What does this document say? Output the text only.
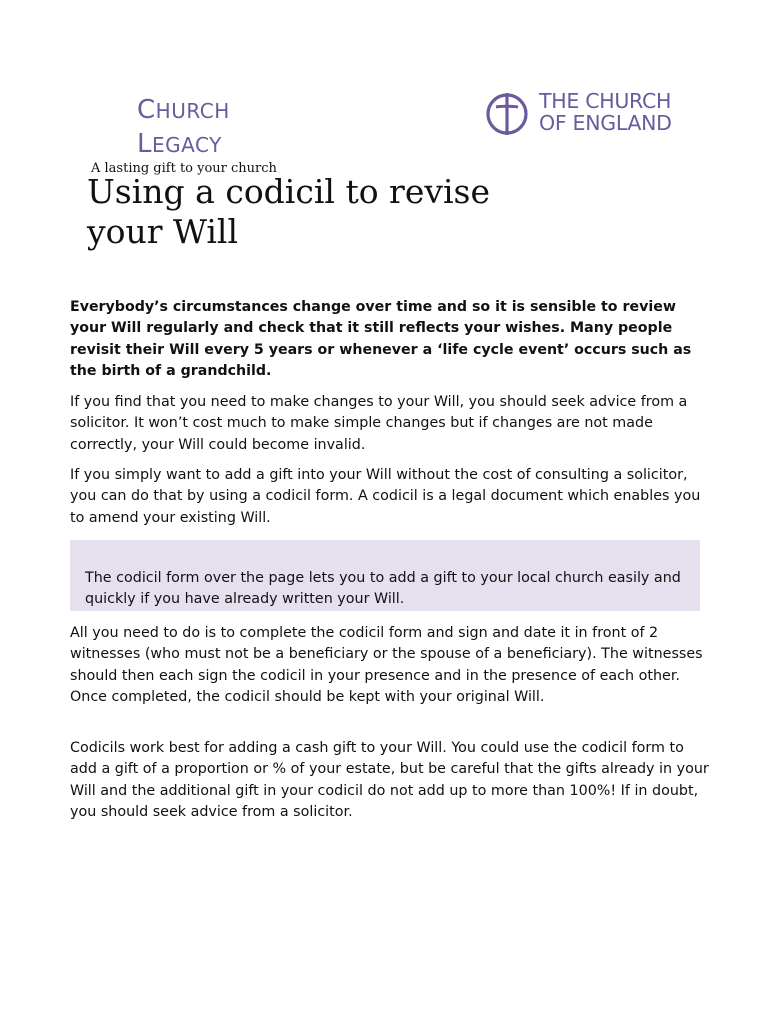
CHURCH
LEGACY
A lasting gift to your church
THE CHURCH
OF ENGLAND
Using a codicil to revise
your Will

Everybody’s circumstances change over time and so it is sensible to review your Will regularly and check that it still reflects your wishes. Many people revisit their Will every 5 years or whenever a ‘life cycle event’ occurs such as the birth of a grandchild.

If you find that you need to make changes to your Will, you should seek advice from a solicitor. It won’t cost much to make simple changes but if changes are not made correctly, your Will could become invalid.

If you simply want to add a gift into your Will without the cost of consulting a solicitor, you can do that by using a codicil form. A codicil is a legal document which enables you to amend your existing Will.

The codicil form over the page lets you to add a gift to your local church easily and quickly if you have already written your Will.

All you need to do is to complete the codicil form and sign and date it in front of 2 witnesses (who must not be a beneficiary or the spouse of a beneficiary). The witnesses should then each sign the codicil in your presence and in the presence of each other. Once completed, the codicil should be kept with your original Will.

Codicils work best for adding a cash gift to your Will. You could use the codicil form to add a gift of a proportion or % of your estate, but be careful that the gifts already in your Will and the additional gift in your codicil do not add up to more than 100%! If in doubt, you should seek advice from a solicitor.
